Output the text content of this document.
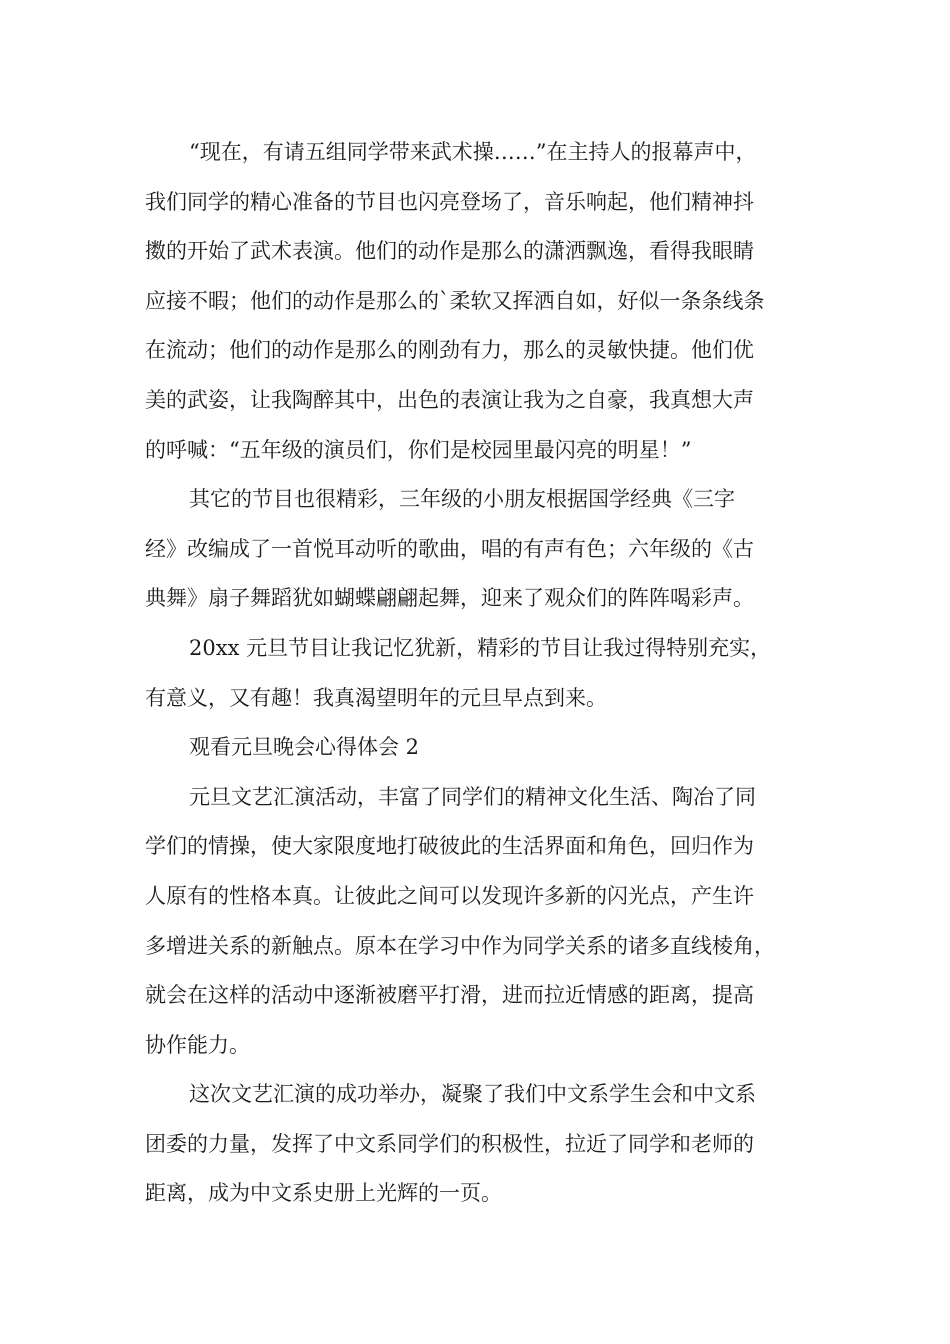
“现在，有请五组同学带来武术操……”在主持人的报幕声中，
我们同学的精心准备的节目也闪亮登场了，音乐响起，他们精神抖
擞的开始了武术表演。他们的动作是那么的潇洒飘逸，看得我眼睛
应接不暇；他们的动作是那么的`柔软又挥洒自如，好似一条条线条
在流动；他们的动作是那么的刚劲有力，那么的灵敏快捷。他们优
美的武姿，让我陶醉其中，出色的表演让我为之自豪，我真想大声
的呼喊：“五年级的演员们，你们是校园里最闪亮的明星！”
其它的节目也很精彩，三年级的小朋友根据国学经典《三字
经》改编成了一首悦耳动听的歌曲，唱的有声有色；六年级的《古
典舞》扇子舞蹈犹如蝴蝶翩翩起舞，迎来了观众们的阵阵喝彩声。
20xx 元旦节目让我记忆犹新，精彩的节目让我过得特别充实，
有意义，又有趣！我真渴望明年的元旦早点到来。
观看元旦晚会心得体会 2
元旦文艺汇演活动，丰富了同学们的精神文化生活、陶冶了同
学们的情操，使大家限度地打破彼此的生活界面和角色，回归作为
人原有的性格本真。让彼此之间可以发现许多新的闪光点，产生许
多增进关系的新触点。原本在学习中作为同学关系的诸多直线棱角，
就会在这样的活动中逐渐被磨平打滑，进而拉近情感的距离，提高
协作能力。
这次文艺汇演的成功举办，凝聚了我们中文系学生会和中文系
团委的力量，发挥了中文系同学们的积极性，拉近了同学和老师的
距离，成为中文系史册上光辉的一页。
